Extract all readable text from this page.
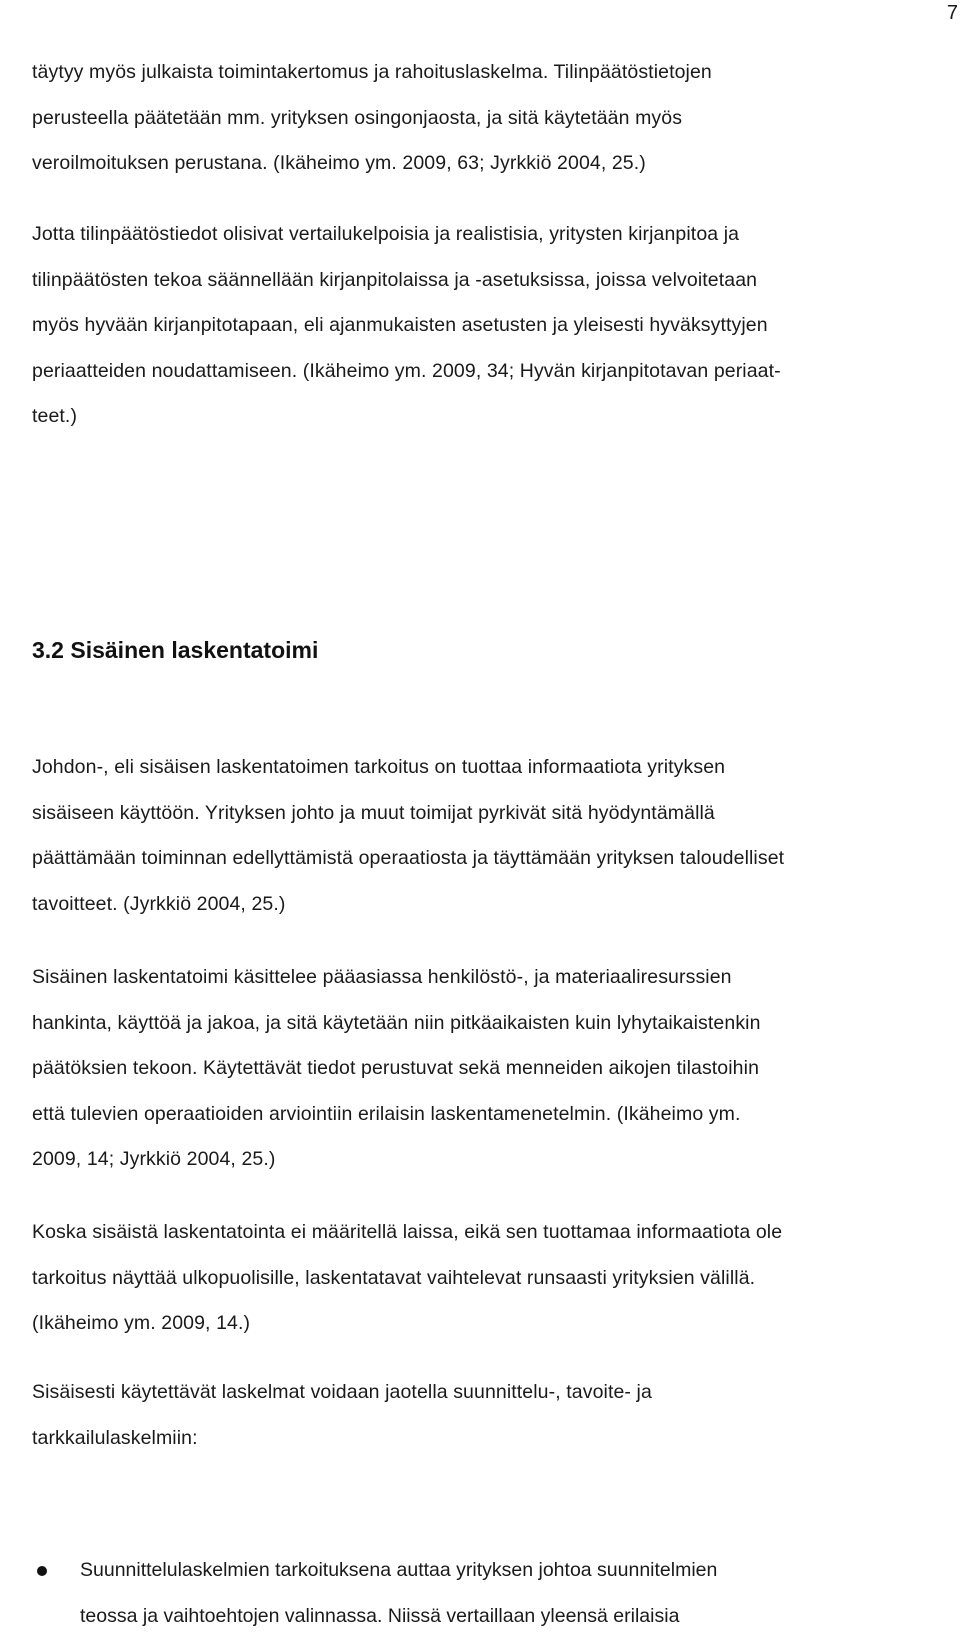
7
täytyy myös julkaista toimintakertomus ja rahoituslaskelma. Tilinpäätöstietojen
perusteella päätetään mm. yrityksen osingonjaosta, ja sitä käytetään myös
veroilmoituksen perustana. (Ikäheimo ym. 2009, 63; Jyrkkiö 2004, 25.)
Jotta tilinpäätöstiedot olisivat vertailukelpoisia ja realistisia, yritysten kirjanpitoa ja
tilinpäätösten tekoa säännellään kirjanpitolaissa ja -asetuksissa, joissa velvoitetaan
myös hyvään kirjanpitotapaan, eli ajanmukaisten asetusten ja yleisesti hyväksyttyjen
periaatteiden noudattamiseen. (Ikäheimo ym. 2009, 34; Hyvän kirjanpitotavan periaat-
teet.)
3.2 Sisäinen laskentatoimi
Johdon-, eli sisäisen laskentatoimen tarkoitus on tuottaa informaatiota yrityksen
sisäiseen käyttöön. Yrityksen johto ja muut toimijat pyrkivät sitä hyödyntämällä
päättämään toiminnan edellyttämistä operaatiosta ja täyttämään yrityksen taloudelliset
tavoitteet. (Jyrkkiö 2004, 25.)
Sisäinen laskentatoimi käsittelee pääasiassa henkilöstö-, ja materiaaliresurssien
hankinta, käyttöä ja jakoa, ja sitä käytetään niin pitkäaikaisten kuin lyhytaikaistenkin
päätöksien tekoon. Käytettävät tiedot perustuvat sekä menneiden aikojen tilastoihin
että tulevien operaatioiden arviointiin erilaisin laskentamenetelmin. (Ikäheimo ym.
2009, 14; Jyrkkiö 2004, 25.)
Koska sisäistä laskentatointa ei määritellä laissa, eikä sen tuottamaa informaatiota ole
tarkoitus näyttää ulkopuolisille, laskentatavat vaihtelevat runsaasti yrityksien välillä.
(Ikäheimo ym. 2009, 14.)
Sisäisesti käytettävät laskelmat voidaan jaotella suunnittelu-, tavoite- ja
tarkkailulaskelmiin:
Suunnittelulaskelmien tarkoituksena auttaa yrityksen johtoa suunnitelmien
teossa ja vaihtoehtojen valinnassa. Niissä vertaillaan yleensä erilaisia
